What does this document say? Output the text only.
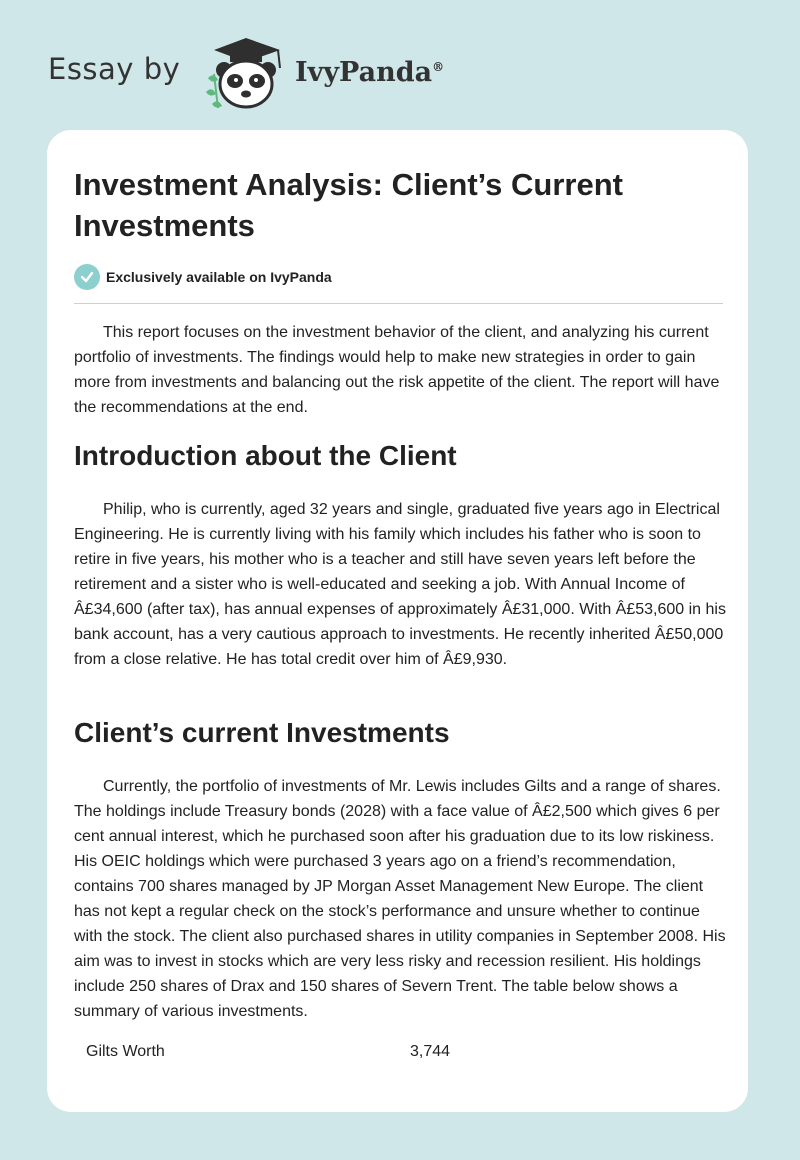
Essay by	IvyPanda®
Investment Analysis: Client’s Current Investments
Exclusively available on IvyPanda

This report focuses on the investment behavior of the client, and analyzing his current portfolio of investments. The findings would help to make new strategies in order to gain more from investments and balancing out the risk appetite of the client. The report will have the recommendations at the end.

Introduction about the Client

Philip, who is currently, aged 32 years and single, graduated five years ago in Electrical Engineering. He is currently living with his family which includes his father who is soon to retire in five years, his mother who is a teacher and still have seven years left before the retirement and a sister who is well-educated and seeking a job. With Annual Income of Â£34,600 (after tax), has annual expenses of approximately Â£31,000. With Â£53,600 in his bank account, has a very cautious approach to investments. He recently inherited Â£50,000 from a close relative. He has total credit over him of Â£9,930.

Client’s current Investments

Currently, the portfolio of investments of Mr. Lewis includes Gilts and a range of shares. The holdings include Treasury bonds (2028) with a face value of Â£2,500 which gives 6 per cent annual interest, which he purchased soon after his graduation due to its low riskiness. His OEIC holdings which were purchased 3 years ago on a friend’s recommendation, contains 700 shares managed by JP Morgan Asset Management New Europe. The client has not kept a regular check on the stock’s performance and unsure whether to continue with the stock. The client also purchased shares in utility companies in September 2008. His aim was to invest in stocks which are very less risky and recession resilient. His holdings include 250 shares of Drax and 150 shares of Severn Trent. The table below shows a summary of various investments.

Gilts Worth	3,744
